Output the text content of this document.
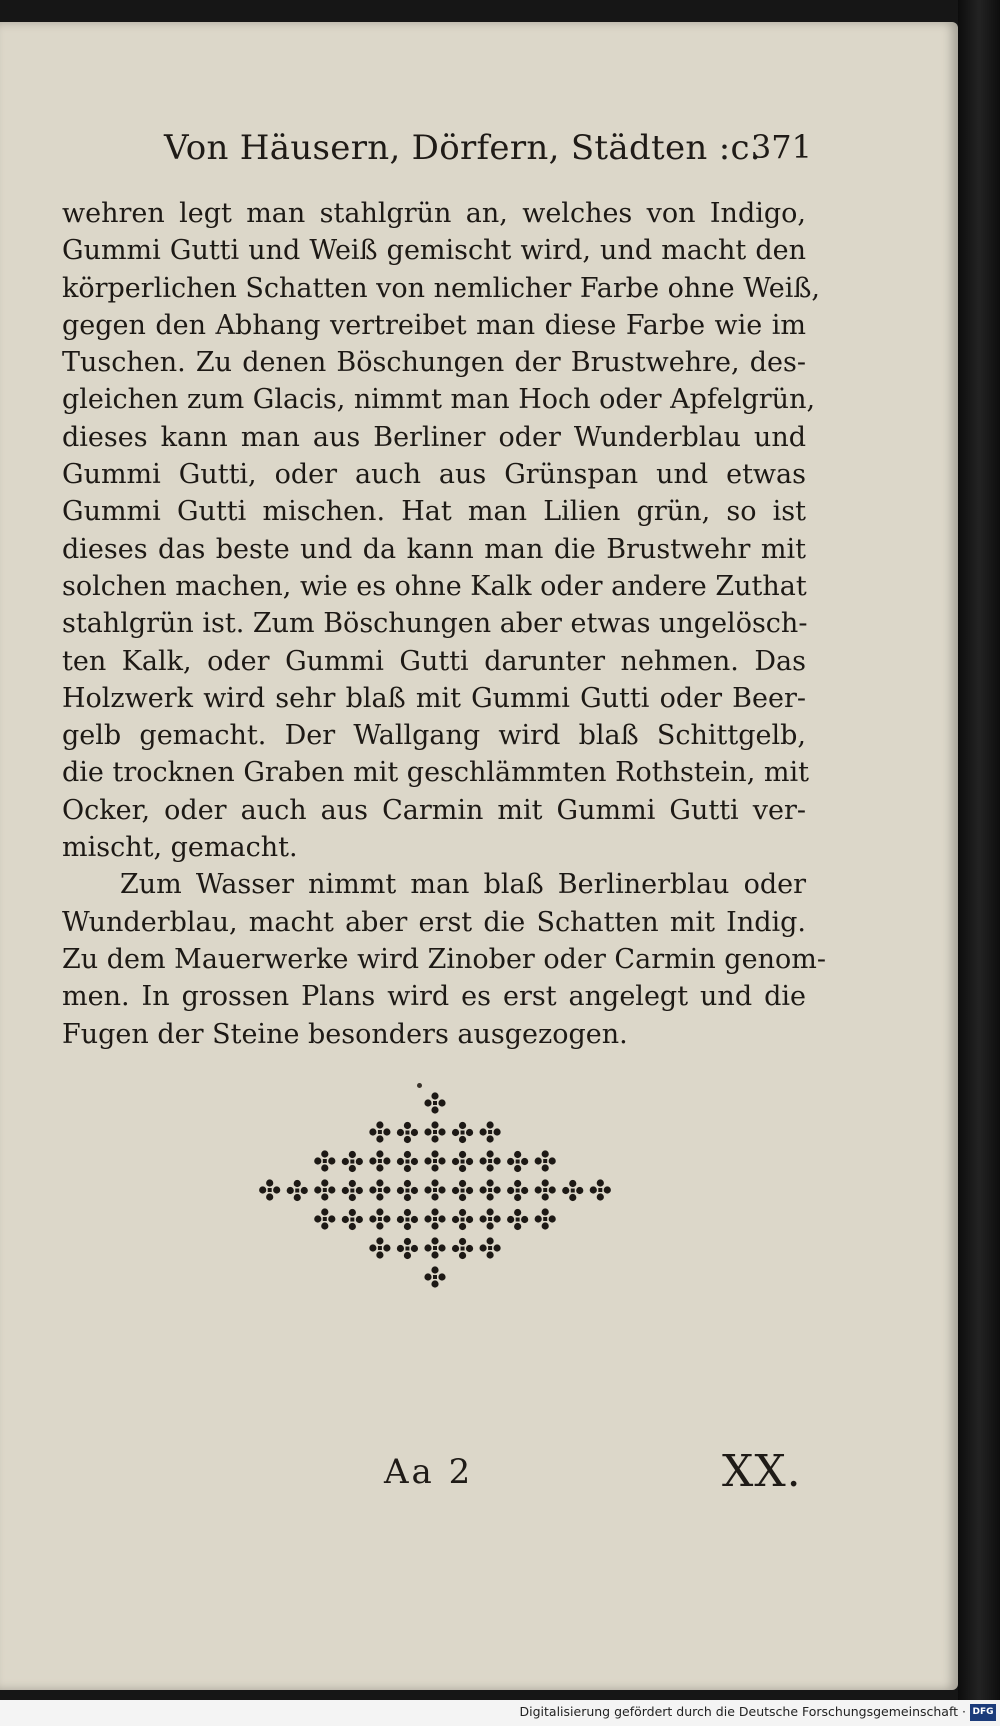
Von Häusern, Dörfern, Städten :c.
371
wehren legt man stahlgrün an, welches von Indigo,
Gummi Gutti und Weiß gemischt wird, und macht den
körperlichen Schatten von nemlicher Farbe ohne Weiß,
gegen den Abhang vertreibet man diese Farbe wie im
Tuschen. Zu denen Böschungen der Brustwehre, des-
gleichen zum Glacis, nimmt man Hoch oder Apfelgrün,
dieses kann man aus Berliner oder Wunderblau und
Gummi Gutti, oder auch aus Grünspan und etwas
Gummi Gutti mischen. Hat man Lilien grün, so ist
dieses das beste und da kann man die Brustwehr mit
solchen machen, wie es ohne Kalk oder andere Zuthat
stahlgrün ist. Zum Böschungen aber etwas ungelösch-
ten Kalk, oder Gummi Gutti darunter nehmen. Das
Holzwerk wird sehr blaß mit Gummi Gutti oder Beer-
gelb gemacht. Der Wallgang wird blaß Schittgelb,
die trocknen Graben mit geschlämmten Rothstein, mit
Ocker, oder auch aus Carmin mit Gummi Gutti ver-
mischt, gemacht.
Zum Wasser nimmt man blaß Berlinerblau oder
Wunderblau, macht aber erst die Schatten mit Indig.
Zu dem Mauerwerke wird Zinober oder Carmin genom-
men. In grossen Plans wird es erst angelegt und die
Fugen der Steine besonders ausgezogen.
Aa 2	XX.
Digitalisierung gefördert durch die Deutsche Forschungsgemeinschaft · DFG
